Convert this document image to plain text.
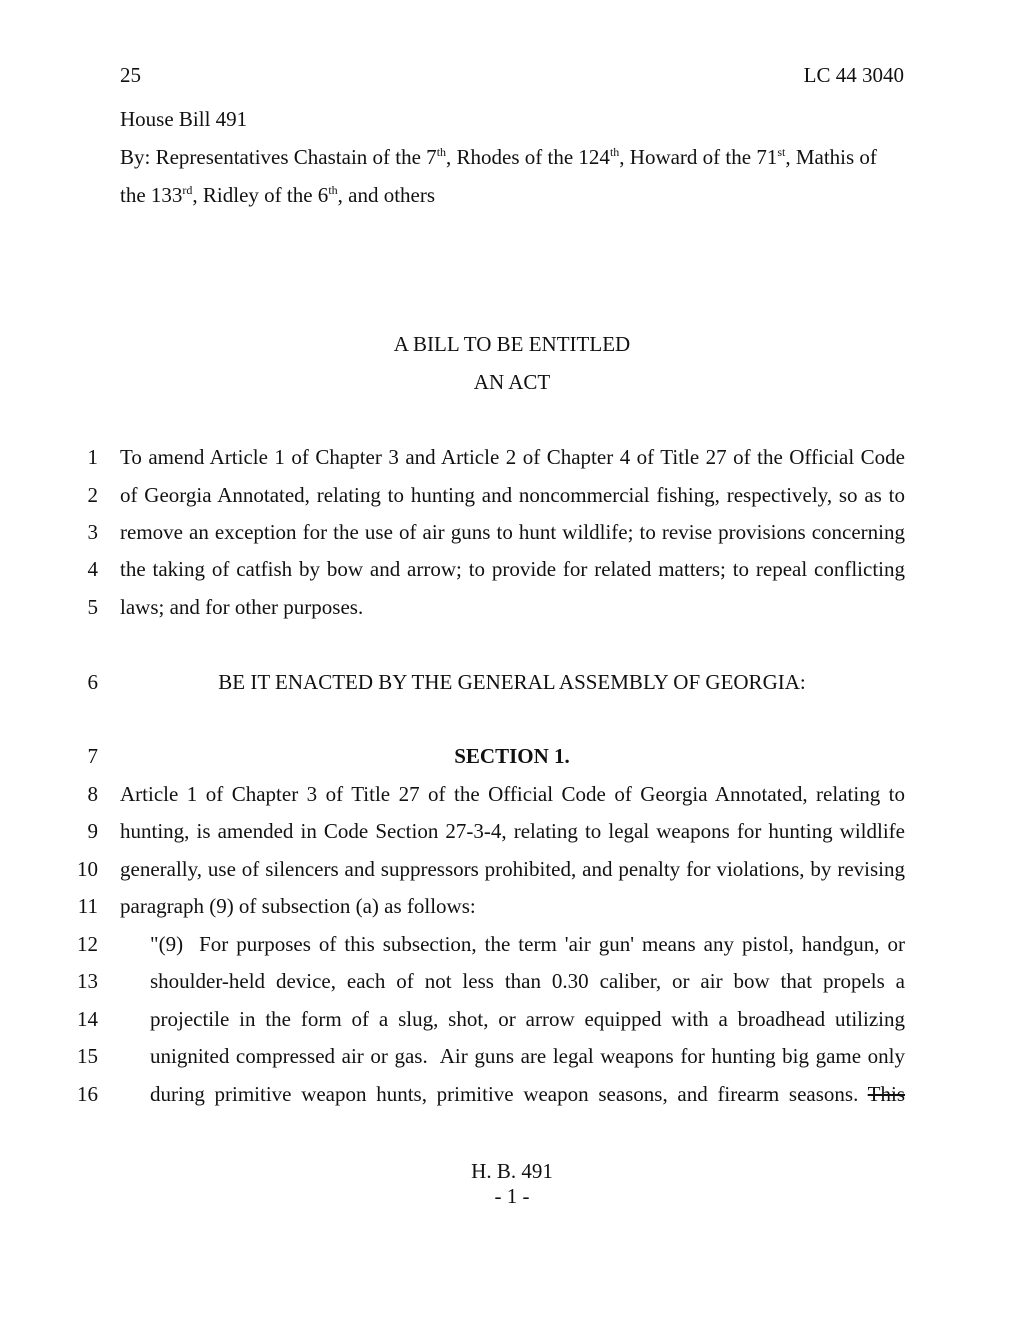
25	LC 44 3040
House Bill 491
By: Representatives Chastain of the 7th, Rhodes of the 124th, Howard of the 71st, Mathis of
the 133rd, Ridley of the 6th, and others
A BILL TO BE ENTITLED
AN ACT
1
2
3
4
5
6
7
8
9
10
11
12
13
14
15
16
To amend Article 1 of Chapter 3 and Article 2 of Chapter 4 of Title 27 of the Official Code
of Georgia Annotated, relating to hunting and noncommercial fishing, respectively, so as to
remove an exception for the use of air guns to hunt wildlife; to revise provisions concerning
the taking of catfish by bow and arrow; to provide for related matters; to repeal conflicting
laws; and for other purposes.
BE IT ENACTED BY THE GENERAL ASSEMBLY OF GEORGIA:
SECTION 1.
Article 1 of Chapter 3 of Title 27 of the Official Code of Georgia Annotated, relating to
hunting, is amended in Code Section 27-3-4, relating to legal weapons for hunting wildlife
generally, use of silencers and suppressors prohibited, and penalty for violations, by revising
paragraph (9) of subsection (a) as follows:
"(9)  For purposes of this subsection, the term 'air gun' means any pistol, handgun, or
shoulder-held device, each of not less than 0.30 caliber, or air bow that propels a
projectile in the form of a slug, shot, or arrow equipped with a broadhead utilizing
unignited compressed air or gas.  Air guns are legal weapons for hunting big game only
during primitive weapon hunts, primitive weapon seasons, and firearm seasons. This
H. B. 491
- 1 -
